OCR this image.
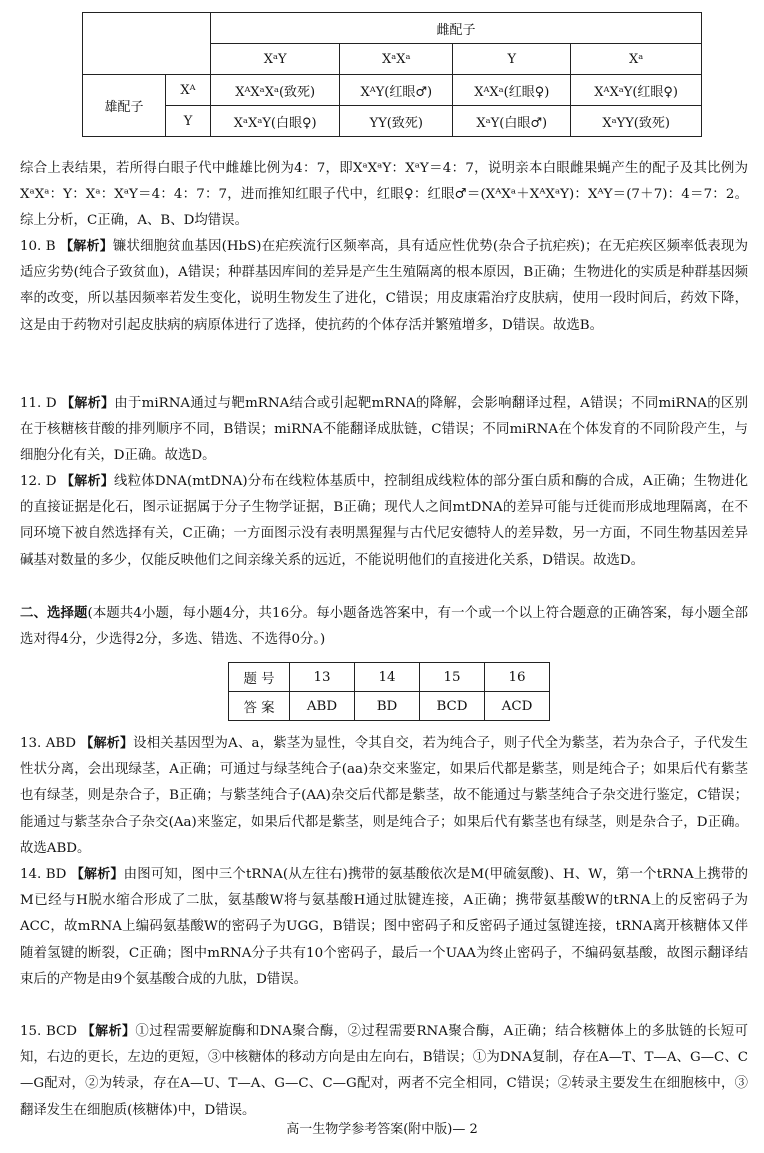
		雌配子			
		XᵃY	XᵃXᵃ	Y	Xᵃ
雄配子	Xᴬ	XᴬXᵃXᵃ(致死)	XᴬY(红眼♂)	XᴬXᵃ(红眼♀)	XᴬXᵃY(红眼♀)
	Y	XᵃXᵃY(白眼♀)	YY(致死)	XᵃY(白眼♂)	XᵃYY(致死)
综合上表结果，若所得白眼子代中雌雄比例为4：7，即XᵃXᵃY：XᵃY＝4：7，说明亲本白眼雌果蝇产生的配子及其比例为XᵃXᵃ：Y：Xᵃ：XᵃY＝4：4：7：7，进而推知红眼子代中，红眼♀：红眼♂＝(XᴬXᵃ＋XᴬXᵃY)：XᴬY＝(7＋7)：4＝7：2。综上分析，C正确，A、B、D均错误。
10. B 【解析】镰状细胞贫血基因(HbS)在疟疾流行区频率高，具有适应性优势(杂合子抗疟疾)；在无疟疾区频率低表现为适应劣势(纯合子致贫血)，A错误；种群基因库间的差异是产生生殖隔离的根本原因，B正确；生物进化的实质是种群基因频率的改变，所以基因频率若发生变化，说明生物发生了进化，C错误；用皮康霜治疗皮肤病，使用一段时间后，药效下降，这是由于药物对引起皮肤病的病原体进行了选择，使抗药的个体存活并繁殖增多，D错误。故选B。
11. D 【解析】由于miRNA通过与靶mRNA结合或引起靶mRNA的降解，会影响翻译过程，A错误；不同miRNA的区别在于核糖核苷酸的排列顺序不同，B错误；miRNA不能翻译成肽链，C错误；不同miRNA在个体发育的不同阶段产生，与细胞分化有关，D正确。故选D。
12. D 【解析】线粒体DNA(mtDNA)分布在线粒体基质中，控制组成线粒体的部分蛋白质和酶的合成，A正确；生物进化的直接证据是化石，图示证据属于分子生物学证据，B正确；现代人之间mtDNA的差异可能与迁徙而形成地理隔离，在不同环境下被自然选择有关，C正确；一方面图示没有表明黑猩猩与古代尼安德特人的差异数，另一方面，不同生物基因差异碱基对数量的多少，仅能反映他们之间亲缘关系的远近，不能说明他们的直接进化关系，D错误。故选D。
二、选择题(本题共4小题，每小题4分，共16分。每小题备选答案中，有一个或一个以上符合题意的正确答案，每小题全部选对得4分，少选得2分，多选、错选、不选得0分。)
题 号	13	14	15	16
答 案	ABD	BD	BCD	ACD
13. ABD 【解析】设相关基因型为A、a，紫茎为显性，令其自交，若为纯合子，则子代全为紫茎，若为杂合子，子代发生性状分离，会出现绿茎，A正确；可通过与绿茎纯合子(aa)杂交来鉴定，如果后代都是紫茎，则是纯合子；如果后代有紫茎也有绿茎，则是杂合子，B正确；与紫茎纯合子(AA)杂交后代都是紫茎，故不能通过与紫茎纯合子杂交进行鉴定，C错误；能通过与紫茎杂合子杂交(Aa)来鉴定，如果后代都是紫茎，则是纯合子；如果后代有紫茎也有绿茎，则是杂合子，D正确。故选ABD。
14. BD 【解析】由图可知，图中三个tRNA(从左往右)携带的氨基酸依次是M(甲硫氨酸)、H、W，第一个tRNA上携带的M已经与H脱水缩合形成了二肽，氨基酸W将与氨基酸H通过肽键连接，A正确；携带氨基酸W的tRNA上的反密码子为ACC，故mRNA上编码氨基酸W的密码子为UGG，B错误；图中密码子和反密码子通过氢键连接，tRNA离开核糖体又伴随着氢键的断裂，C正确；图中mRNA分子共有10个密码子，最后一个UAA为终止密码子，不编码氨基酸，故图示翻译结束后的产物是由9个氨基酸合成的九肽，D错误。
15. BCD 【解析】①过程需要解旋酶和DNA聚合酶，②过程需要RNA聚合酶，A正确；结合核糖体上的多肽链的长短可知，右边的更长，左边的更短，③中核糖体的移动方向是由左向右，B错误；①为DNA复制，存在A—T、T—A、G—C、C—G配对，②为转录，存在A—U、T—A、G—C、C—G配对，两者不完全相同，C错误；②转录主要发生在细胞核中，③翻译发生在细胞质(核糖体)中，D错误。
高一生物学参考答案(附中版)— 2
